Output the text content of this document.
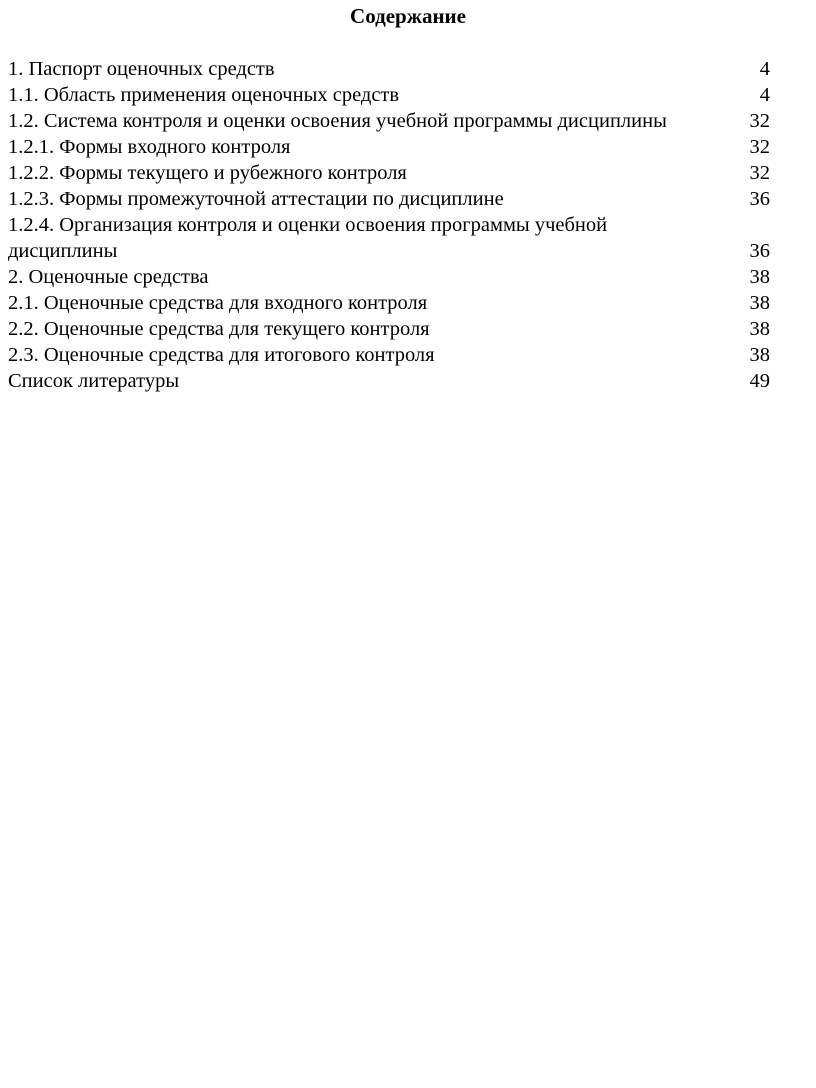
Содержание
1. Паспорт оценочных средств	4
1.1. Область применения оценочных средств	4
1.2. Система контроля и оценки освоения учебной программы дисциплины	32
1.2.1. Формы входного контроля	32
1.2.2. Формы текущего и рубежного контроля	32
1.2.3. Формы промежуточной аттестации по дисциплине	36
1.2.4. Организация контроля и оценки освоения программы учебной дисциплины	36
2. Оценочные средства	38
2.1. Оценочные средства для входного контроля	38
2.2. Оценочные средства для текущего контроля	38
2.3. Оценочные средства для итогового контроля	38
Список литературы	49
